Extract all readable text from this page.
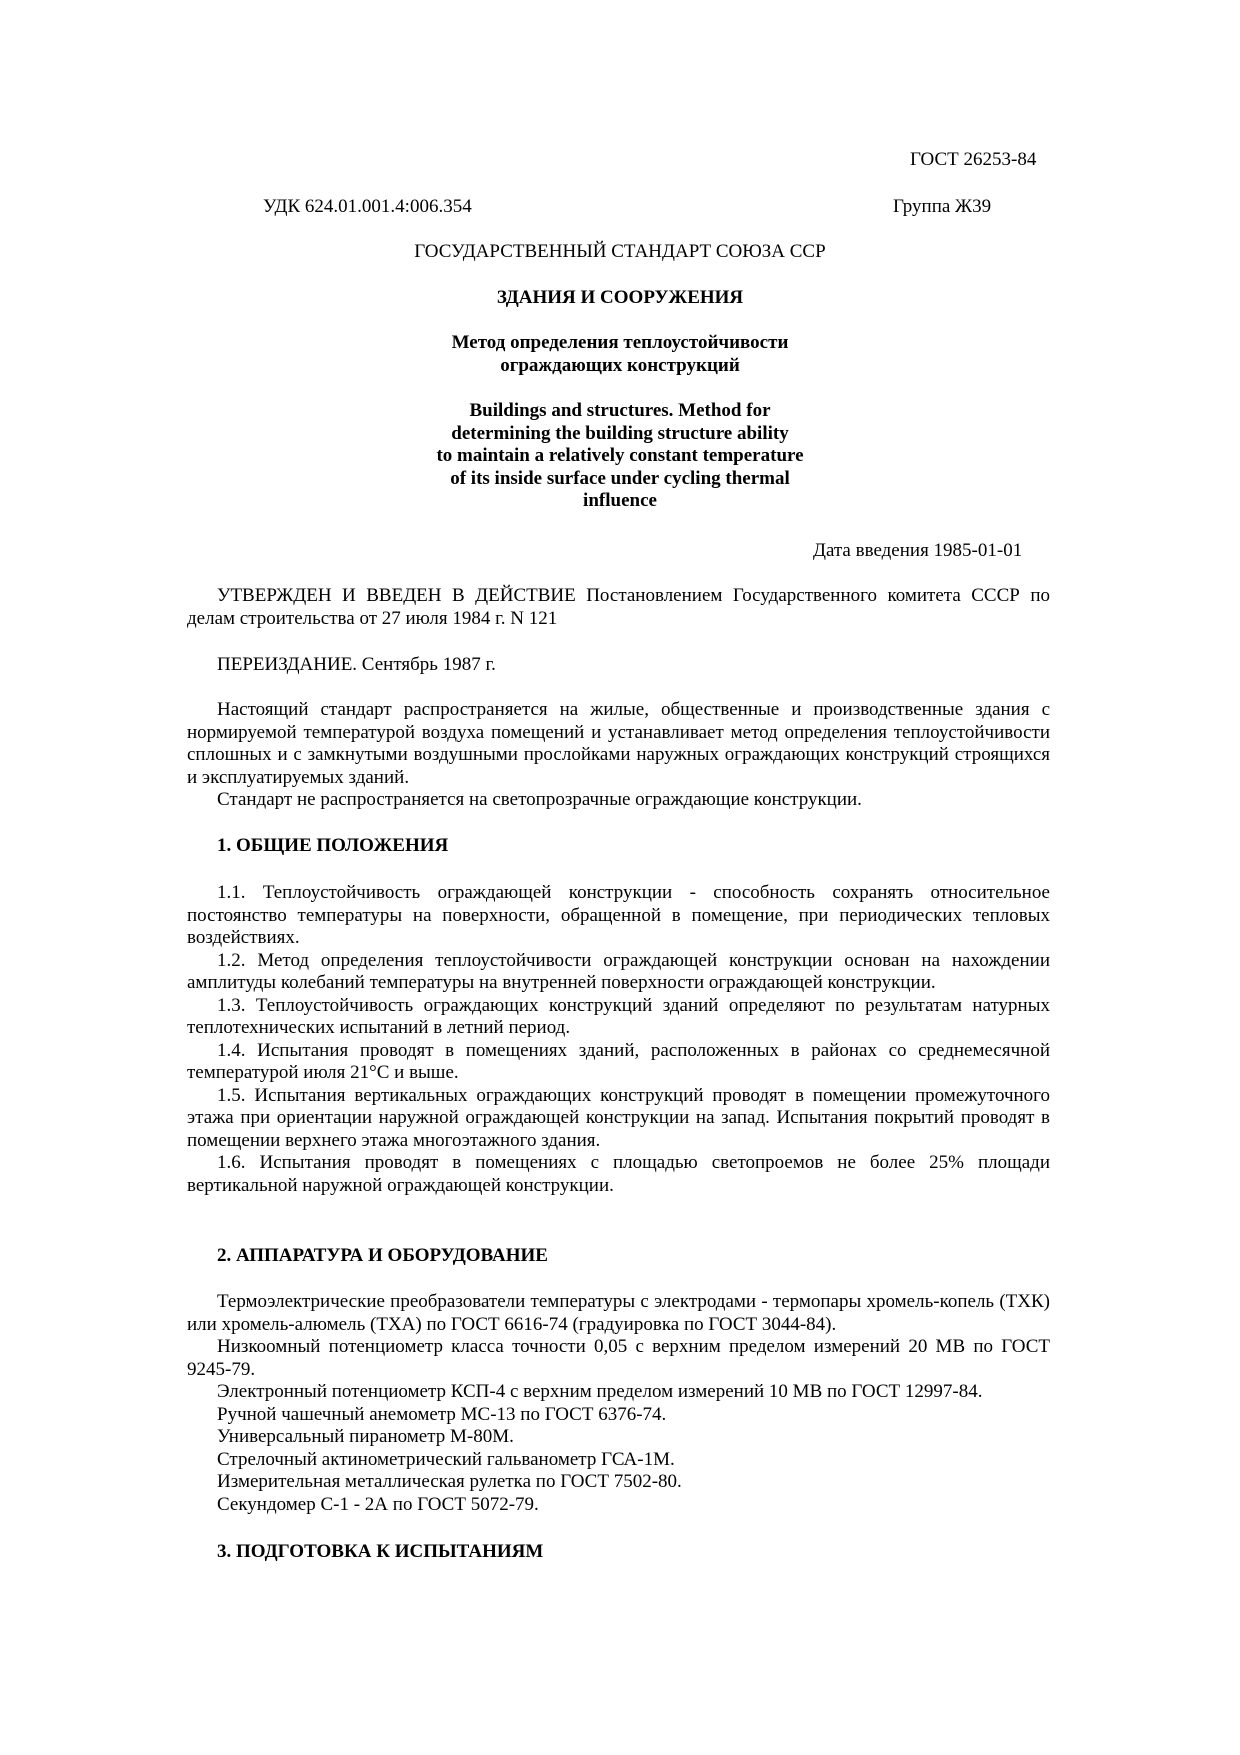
ГОСТ 26253-84
УДК 624.01.001.4:006.354	Группа Ж39
ГОСУДАРСТВЕННЫЙ СТАНДАРТ СОЮЗА ССР
ЗДАНИЯ И СООРУЖЕНИЯ
Метод определения теплоустойчивости
ограждающих конструкций
Buildings and structures. Method for
determining the building structure ability
to maintain a relatively constant temperature
of its inside surface under cycling thermal
influence
Дата введения 1985-01-01

УТВЕРЖДЕН И ВВЕДЕН В ДЕЙСТВИЕ Постановлением Государственного комитета СССР по делам строительства от 27 июля 1984 г. N 121

ПЕРЕИЗДАНИЕ. Сентябрь 1987 г.

Настоящий стандарт распространяется на жилые, общественные и производственные здания с нормируемой температурой воздуха помещений и устанавливает метод определения теплоустойчивости сплошных и с замкнутыми воздушными прослойками наружных ограждающих конструкций строящихся и эксплуатируемых зданий.

Стандарт не распространяется на светопрозрачные ограждающие конструкции.

1. ОБЩИЕ ПОЛОЖЕНИЯ

1.1. Теплоустойчивость ограждающей конструкции - способность сохранять относительное постоянство температуры на поверхности, обращенной в помещение, при периодических тепловых воздействиях.

1.2. Метод определения теплоустойчивости ограждающей конструкции основан на нахождении амплитуды колебаний температуры на внутренней поверхности ограждающей конструкции.

1.3. Теплоустойчивость ограждающих конструкций зданий определяют по результатам натурных теплотехнических испытаний в летний период.

1.4. Испытания проводят в помещениях зданий, расположенных в районах со среднемесячной температурой июля 21°С и выше.

1.5. Испытания вертикальных ограждающих конструкций проводят в помещении промежуточного этажа при ориентации наружной ограждающей конструкции на запад. Испытания покрытий проводят в помещении верхнего этажа многоэтажного здания.

1.6. Испытания проводят в помещениях с площадью светопроемов не более 25% площади вертикальной наружной ограждающей конструкции.

2. АППАРАТУРА И ОБОРУДОВАНИЕ

Термоэлектрические преобразователи температуры с электродами - термопары хромель-копель (ТХК) или хромель-алюмель (ТХА) по ГОСТ 6616-74 (градуировка по ГОСТ 3044-84).

Низкоомный потенциометр класса точности 0,05 с верхним пределом измерений 20 МВ по ГОСТ 9245-79.

Электронный потенциометр КСП-4 с верхним пределом измерений 10 МВ по ГОСТ 12997-84.

Ручной чашечный анемометр МС-13 по ГОСТ 6376-74.

Универсальный пиранометр М-80М.

Стрелочный актинометрический гальванометр ГСА-1М.

Измерительная металлическая рулетка по ГОСТ 7502-80.

Секундомер С-1 - 2А по ГОСТ 5072-79.

3. ПОДГОТОВКА К ИСПЫТАНИЯМ
